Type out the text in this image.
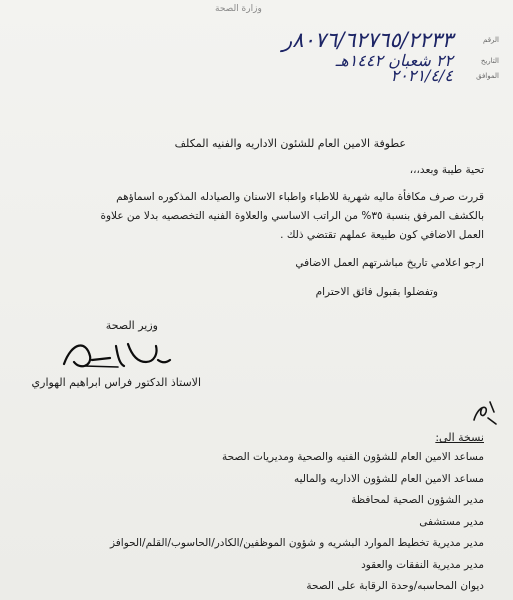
وزارة الصحة
الرقم
٨٠٧٦/٦٢٧٦٥/٢٢٣٣ر
التاريخ
٢٢ شعبان ١٤٤٢هـ
الموافق
٢٠٢١/٤/٤
عطوفة الامين العام للشئون الاداريه والفنيه المكلف
تحية طيبة وبعد،،،
قررت صرف مكافأة ماليه شهرية للاطباء واطباء الاسنان والصيادله المذكوره اسماؤهم
بالكشف المرفق بنسبة ٣٥% من الراتب الاساسي والعلاوة الفنيه التخصصيه بدلا من علاوة
العمل الاضافي كون طبيعة عملهم تقتضي ذلك .
ارجو اعلامي تاريخ مباشرتهم العمل الاضافي
وتفضلوا بقبول فائق الاحترام
وزير الصحة
الاستاذ الدكتور فراس ابراهيم الهواري
نسخة الى:
مساعد الامين العام للشؤون الفنيه والصحية ومديريات الصحة
مساعد الامين العام للشؤون الاداريه والماليه
مدير الشؤون الصحية لمحافظة
مدير مستشفى
مدير مديرية تخطيط الموارد البشريه و شؤون الموظفين/الكادر/الحاسوب/القلم/الحوافز
مدير مديرية النفقات والعقود
ديوان المحاسبه/وحدة الرقابة على الصحة
